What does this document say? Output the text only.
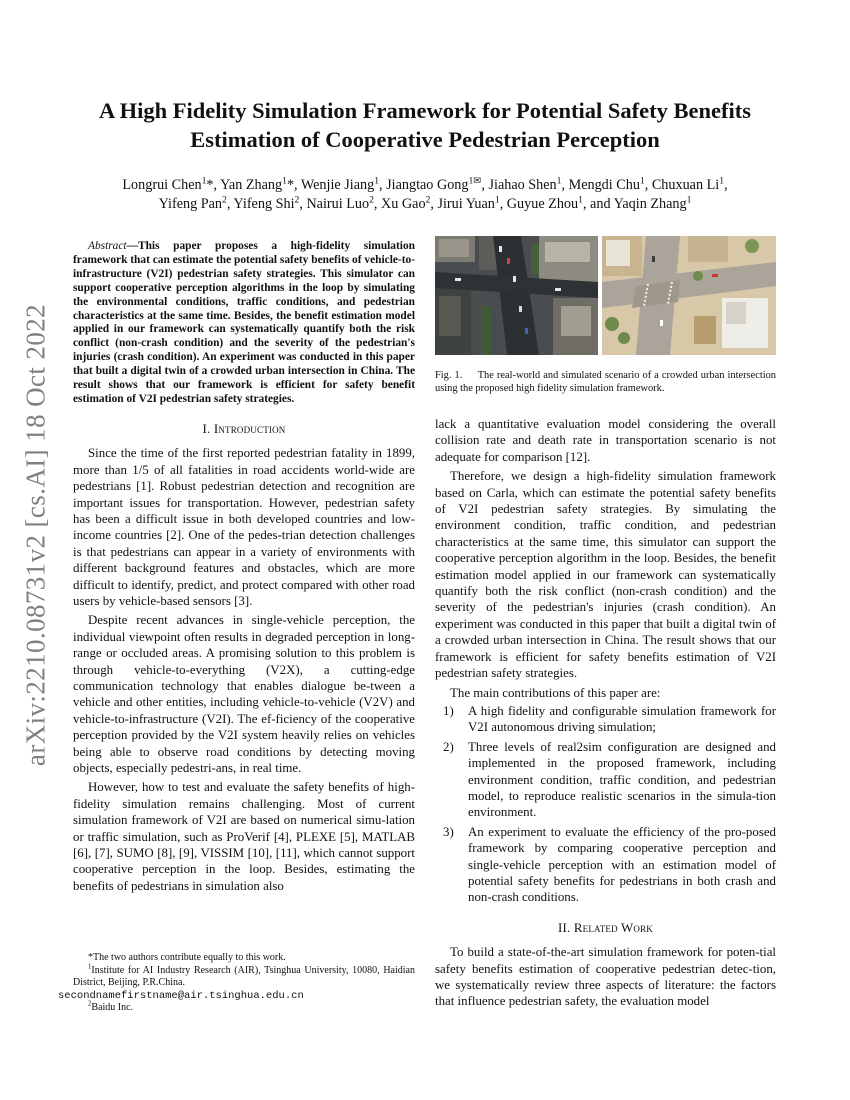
arXiv:2210.08731v2 [cs.AI] 18 Oct 2022
A High Fidelity Simulation Framework for Potential Safety Benefits
Estimation of Cooperative Pedestrian Perception
Longrui Chen$^1$*, Yan Zhang$^1$*, Wenjie Jiang$^1$, Jiangtao Gong$^{1✉}$, Jiahao Shen$^1$, Mengdi Chu$^1$, Chuxuan Li$^1$,
Yifeng Pan$^2$, Yifeng Shi$^2$, Nairui Luo$^2$, Xu Gao$^2$, Jirui Yuan$^1$, Guyue Zhou$^1$, and Yaqin Zhang$^1$

Abstract—This paper proposes a high-fidelity simulation framework that can estimate the potential safety benefits of vehicle-to-infrastructure (V2I) pedestrian safety strategies. This simulator can support cooperative perception algorithms in the loop by simulating the environmental conditions, traffic conditions, and pedestrian characteristics at the same time. Besides, the benefit estimation model applied in our framework can systematically quantify both the risk conflict (non-crash condition) and the severity of the pedestrian's injuries (crash condition). An experiment was conducted in this paper that built a digital twin of a crowded urban intersection in China. The result shows that our framework is efficient for safety benefit estimation of V2I pedestrian safety strategies.

I. Introduction

Since the time of the first reported pedestrian fatality in 1899, more than 1/5 of all fatalities in road accidents world-wide are pedestrians [1]. Robust pedestrian detection and recognition are important issues for transportation. However, pedestrian safety has been a difficult issue in both developed countries and low-income countries [2]. One of the pedes-trian detection challenges is that pedestrians can appear in a variety of environments with different background features and obstacles, which are more difficult to identify, predict, and protect compared with other road users by vehicle-based sensors [3].

Despite recent advances in single-vehicle perception, the individual viewpoint often results in degraded perception in long-range or occluded areas. A promising solution to this problem is through vehicle-to-everything (V2X), a cutting-edge communication technology that enables dialogue be-tween a vehicle and other entities, including vehicle-to-vehicle (V2V) and vehicle-to-infrastructure (V2I). The ef-ficiency of the cooperative perception provided by the V2I system heavily relies on vehicles being able to observe road conditions by detecting moving objects, especially pedestri-ans, in real time.

However, how to test and evaluate the safety benefits of high-fidelity simulation remains challenging. Most of current simulation framework of V2I are based on numerical simu-lation or traffic simulation, such as ProVerif [4], PLEXE [5], MATLAB [6], [7], SUMO [8], [9], VISSIM [10], [11], which cannot support cooperative perception in the loop. Besides, estimating the benefits of pedestrians in simulation also

*The two authors contribute equally to this work.

$^1$Institute for AI Industry Research (AIR), Tsinghua University, 10080, Haidian District, Beijing, P.R.China.
secondnamefirstname@air.tsinghua.edu.cn

$^2$Baidu Inc.

Fig. 1. The real-world and simulated scenario of a crowded urban intersection using the proposed high fidelity simulation framework.

lack a quantitative evaluation model considering the overall collision rate and death rate in transportation scenario is not adequate for comparison [12].

Therefore, we design a high-fidelity simulation framework based on Carla, which can estimate the potential safety benefits of V2I pedestrian safety strategies. By simulating the environment condition, traffic condition, and pedestrian characteristics at the same time, this simulator can support the cooperative perception algorithm in the loop. Besides, the benefit estimation model applied in our framework can systematically quantify both the risk conflict (non-crash condition) and the severity of the pedestrian's injuries (crash condition). An experiment was conducted in this paper that built a digital twin of a crowded urban intersection in China. The result shows that our framework is efficient for safety benefits estimation of V2I pedestrian safety strategies.

The main contributions of this paper are:

1) A high fidelity and configurable simulation framework for V2I autonomous driving simulation;
2) Three levels of real2sim configuration are designed and implemented in the proposed framework, including environment condition, traffic condition, and pedestrian model, to reproduce realistic scenarios in the simula-tion environment.
3) An experiment to evaluate the efficiency of the pro-posed framework by comparing cooperative perception and single-vehicle perception with an estimation model of potential safety benefits for pedestrians in both crash and non-crash conditions.
II. Related Work

To build a state-of-the-art simulation framework for poten-tial safety benefits estimation of cooperative pedestrian detec-tion, we systematically review three aspects of literature: the factors that influence pedestrian safety, the evaluation model
